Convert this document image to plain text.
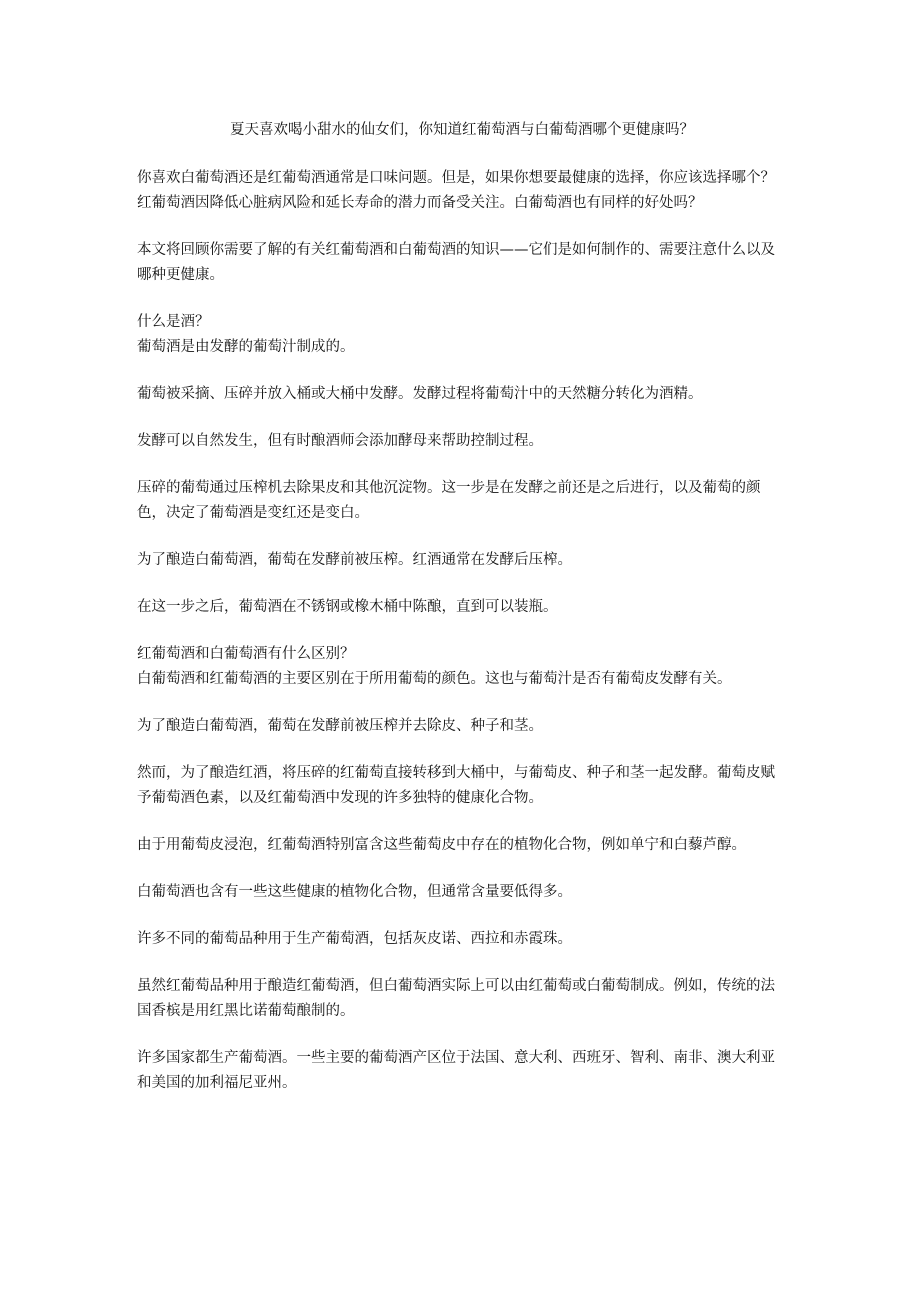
夏天喜欢喝小甜水的仙女们，你知道红葡萄酒与白葡萄酒哪个更健康吗？
你喜欢白葡萄酒还是红葡萄酒通常是口味问题。但是，如果你想要最健康的选择，你应该选择哪个？红葡萄酒因降低心脏病风险和延长寿命的潜力而备受关注。白葡萄酒也有同样的好处吗？
本文将回顾你需要了解的有关红葡萄酒和白葡萄酒的知识——它们是如何制作的、需要注意什么以及哪种更健康。
什么是酒？
葡萄酒是由发酵的葡萄汁制成的。
葡萄被采摘、压碎并放入桶或大桶中发酵。发酵过程将葡萄汁中的天然糖分转化为酒精。
发酵可以自然发生，但有时酿酒师会添加酵母来帮助控制过程。
压碎的葡萄通过压榨机去除果皮和其他沉淀物。这一步是在发酵之前还是之后进行，以及葡萄的颜色，决定了葡萄酒是变红还是变白。
为了酿造白葡萄酒，葡萄在发酵前被压榨。红酒通常在发酵后压榨。
在这一步之后，葡萄酒在不锈钢或橡木桶中陈酿，直到可以装瓶。
红葡萄酒和白葡萄酒有什么区别？
白葡萄酒和红葡萄酒的主要区别在于所用葡萄的颜色。这也与葡萄汁是否有葡萄皮发酵有关。
为了酿造白葡萄酒，葡萄在发酵前被压榨并去除皮、种子和茎。
然而，为了酿造红酒，将压碎的红葡萄直接转移到大桶中，与葡萄皮、种子和茎一起发酵。葡萄皮赋予葡萄酒色素，以及红葡萄酒中发现的许多独特的健康化合物。
由于用葡萄皮浸泡，红葡萄酒特别富含这些葡萄皮中存在的植物化合物，例如单宁和白藜芦醇。
白葡萄酒也含有一些这些健康的植物化合物，但通常含量要低得多。
许多不同的葡萄品种用于生产葡萄酒，包括灰皮诺、西拉和赤霞珠。
虽然红葡萄品种用于酿造红葡萄酒，但白葡萄酒实际上可以由红葡萄或白葡萄制成。例如，传统的法国香槟是用红黑比诺葡萄酿制的。
许多国家都生产葡萄酒。一些主要的葡萄酒产区位于法国、意大利、西班牙、智利、南非、澳大利亚和美国的加利福尼亚州。
